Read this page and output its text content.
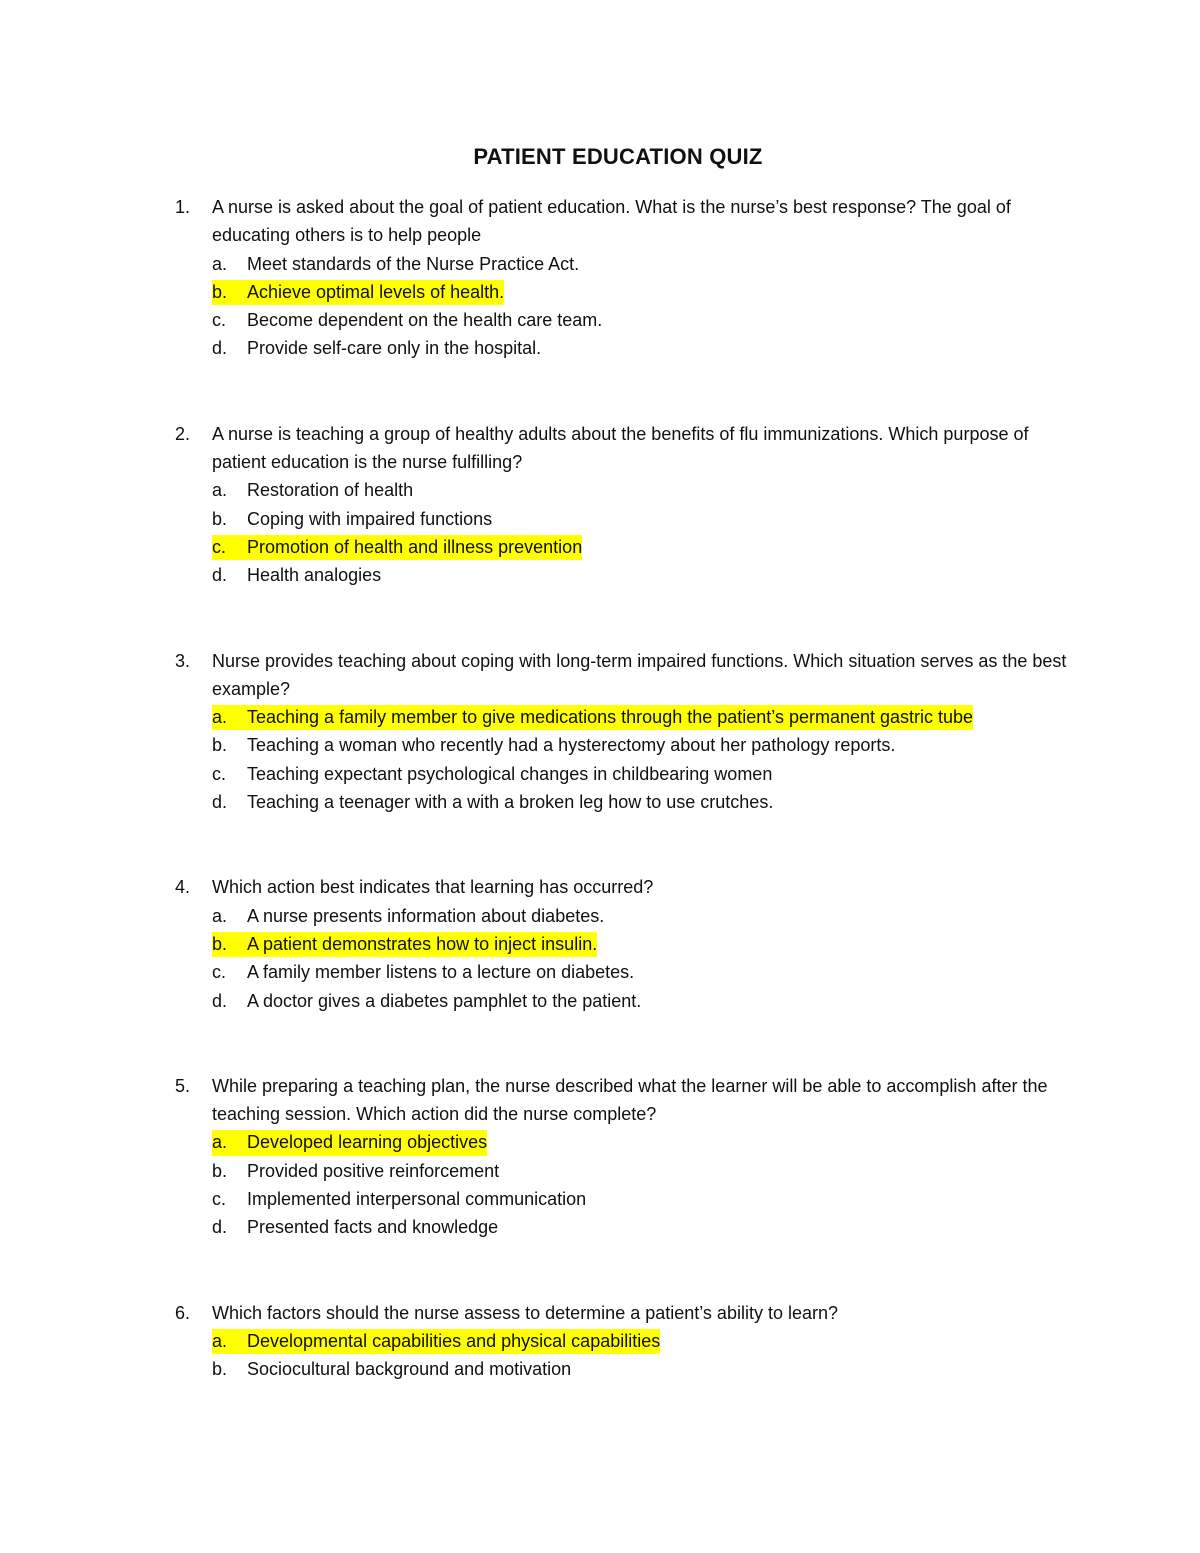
PATIENT EDUCATION QUIZ
1. A nurse is asked about the goal of patient education. What is the nurse’s best response? The goal of educating others is to help people
a. Meet standards of the Nurse Practice Act.
b. Achieve optimal levels of health.
c. Become dependent on the health care team.
d. Provide self-care only in the hospital.
2. A nurse is teaching a group of healthy adults about the benefits of flu immunizations. Which purpose of patient education is the nurse fulfilling?
a. Restoration of health
b. Coping with impaired functions
c. Promotion of health and illness prevention
d. Health analogies
3. Nurse provides teaching about coping with long-term impaired functions. Which situation serves as the best example?
a. Teaching a family member to give medications through the patient’s permanent gastric tube
b. Teaching a woman who recently had a hysterectomy about her pathology reports.
c. Teaching expectant psychological changes in childbearing women
d. Teaching a teenager with a with a broken leg how to use crutches.
4. Which action best indicates that learning has occurred?
a. A nurse presents information about diabetes.
b. A patient demonstrates how to inject insulin.
c. A family member listens to a lecture on diabetes.
d. A doctor gives a diabetes pamphlet to the patient.
5. While preparing a teaching plan, the nurse described what the learner will be able to accomplish after the teaching session. Which action did the nurse complete?
a. Developed learning objectives
b. Provided positive reinforcement
c. Implemented interpersonal communication
d. Presented facts and knowledge
6. Which factors should the nurse assess to determine a patient’s ability to learn?
a. Developmental capabilities and physical capabilities
b. Sociocultural background and motivation
